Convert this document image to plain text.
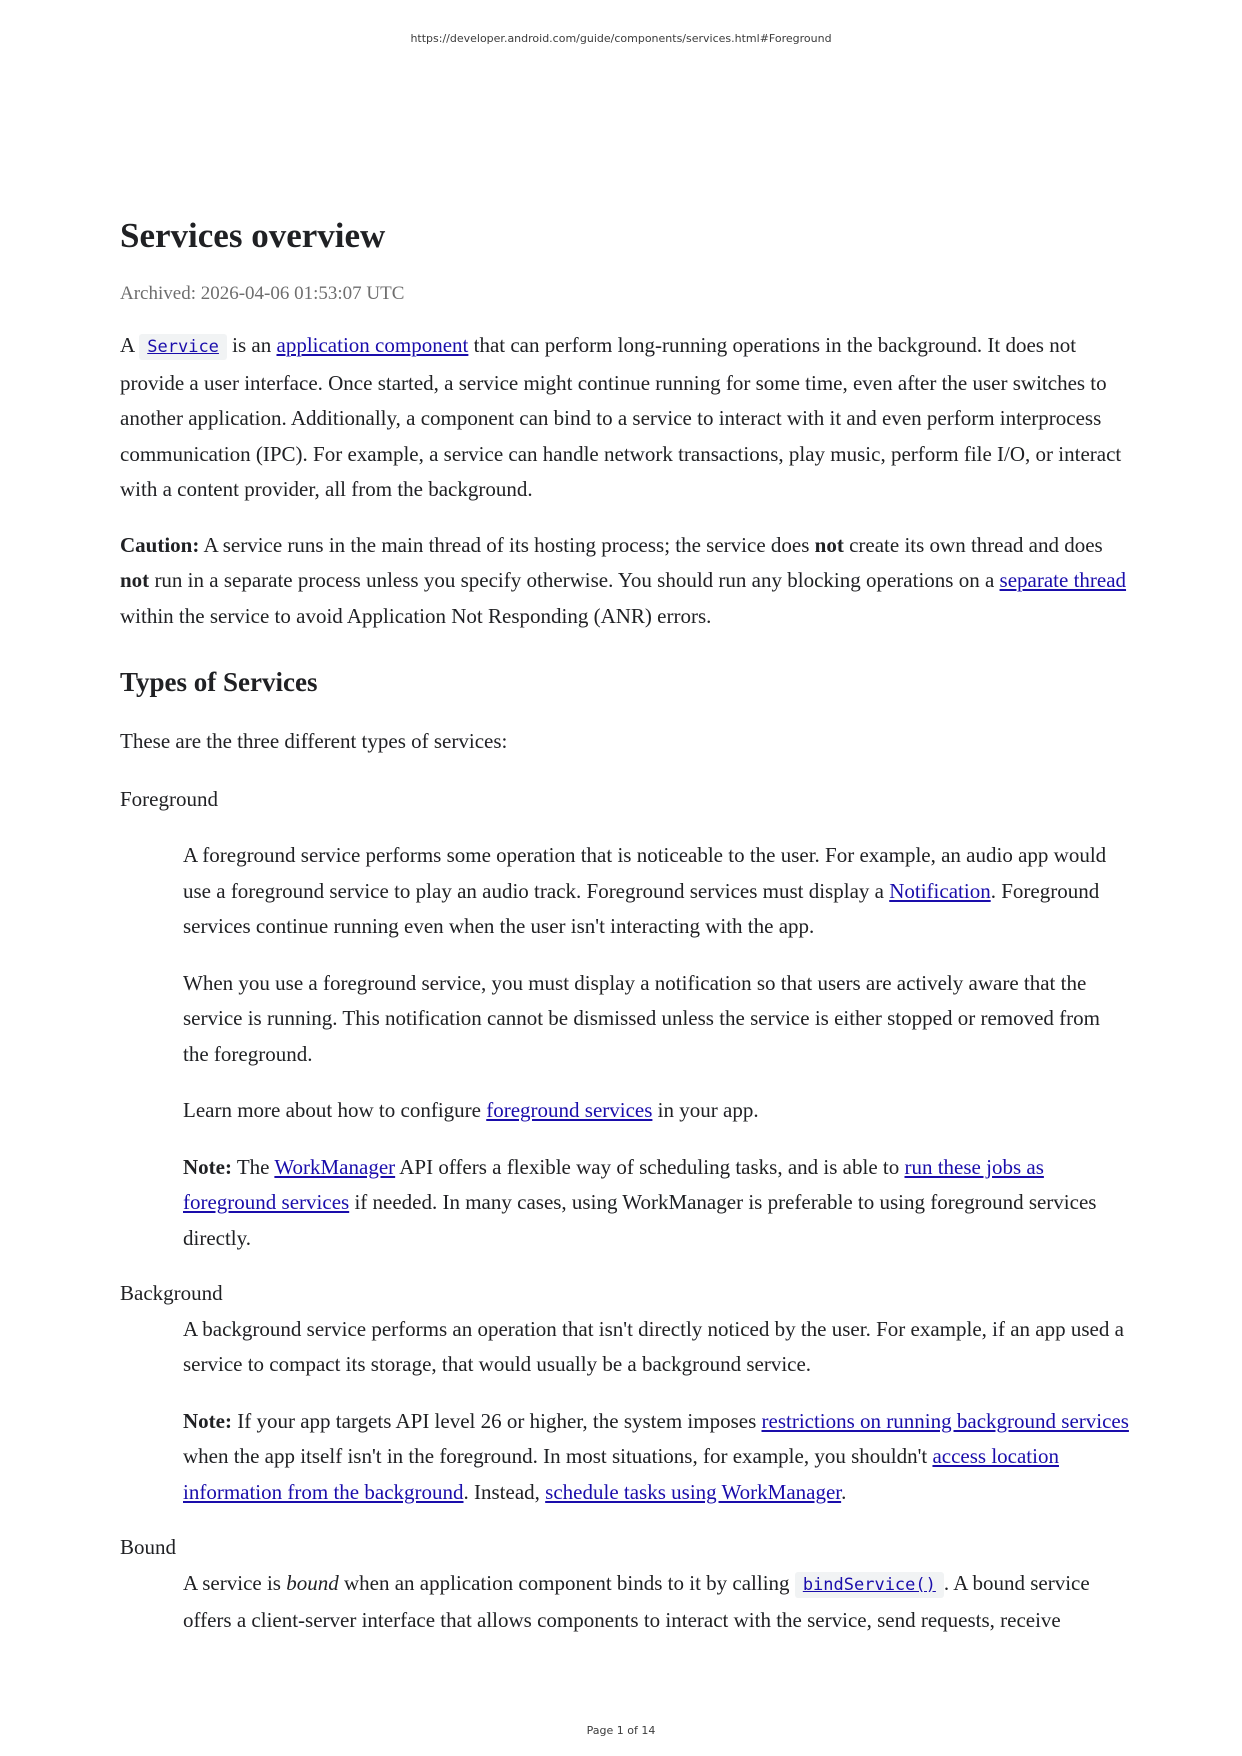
https://developer.android.com/guide/components/services.html#Foreground
Services overview
Archived: 2026-04-06 01:53:07 UTC

A Service is an application component that can perform long-running operations in the background. It does not provide a user interface. Once started, a service might continue running for some time, even after the user switches to another application. Additionally, a component can bind to a service to interact with it and even perform interprocess communication (IPC). For example, a service can handle network transactions, play music, perform file I/O, or interact with a content provider, all from the background.

Caution: A service runs in the main thread of its hosting process; the service does not create its own thread and does not run in a separate process unless you specify otherwise. You should run any blocking operations on a separate thread within the service to avoid Application Not Responding (ANR) errors.

Types of Services

These are the three different types of services:

Foreground

A foreground service performs some operation that is noticeable to the user. For example, an audio app would use a foreground service to play an audio track. Foreground services must display a Notification. Foreground services continue running even when the user isn't interacting with the app.

When you use a foreground service, you must display a notification so that users are actively aware that the service is running. This notification cannot be dismissed unless the service is either stopped or removed from the foreground.

Learn more about how to configure foreground services in your app.

Note: The WorkManager API offers a flexible way of scheduling tasks, and is able to run these jobs as foreground services if needed. In many cases, using WorkManager is preferable to using foreground services directly.

Background

A background service performs an operation that isn't directly noticed by the user. For example, if an app used a service to compact its storage, that would usually be a background service.

Note: If your app targets API level 26 or higher, the system imposes restrictions on running background services when the app itself isn't in the foreground. In most situations, for example, you shouldn't access location information from the background. Instead, schedule tasks using WorkManager.

Bound

A service is bound when an application component binds to it by calling bindService() . A bound service offers a client-server interface that allows components to interact with the service, send requests, receive

Page 1 of 14
